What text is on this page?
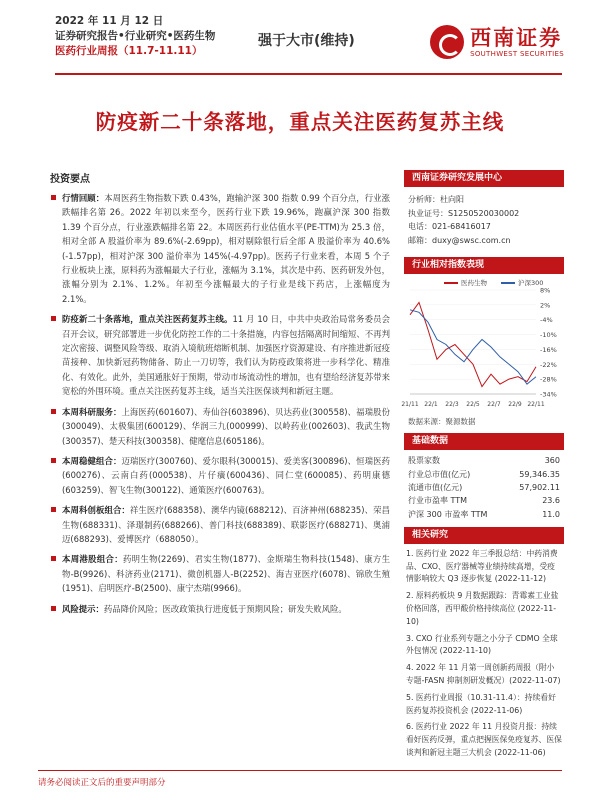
2022 年 11 月 12 日
证券研究报告•行业研究•医药生物
医药行业周报（11.7-11.11）
强于大市(维持)	西南证券
SOUTHWEST SECURITIES
防疫新二十条落地，重点关注医药复苏主线
投资要点
行情回顾：本周医药生物指数下跌 0.43%，跑输沪深 300 指数 0.99 个百分点，行业涨跌幅排名第 26。2022 年初以来至今，医药行业下跌 19.96%，跑赢沪深 300 指数 1.39 个百分点，行业涨跌幅排名第 22。本周医药行业估值水平(PE-TTM)为 25.3 倍，相对全部 A 股溢价率为 89.6%(-2.69pp)，相对剔除银行后全部 A 股溢价率为 40.6%(-1.57pp)，相对沪深 300 溢价率为 145%(-4.97pp)。医药子行业来看，本周 5 个子行业板块上涨，原料药为涨幅最大子行业，涨幅为 3.1%，其次是中药、医药研发外包，涨幅分别为 2.1%、1.2%。年初至今涨幅最大的子行业是线下药店，上涨幅度为 2.1%。
防疫新二十条落地，重点关注医药复苏主线。11 月 10 日，中共中央政治局常务委员会召开会议，研究部署进一步优化防控工作的二十条措施，内容包括隔离时间缩短、不再判定次密接、调整风险等级、取消入境航班熔断机制、加强医疗资源建设、有序推进新冠疫苗接种、加快新冠药物储备、防止一刀切等，我们认为防疫政策将进一步科学化、精准化、有效化。此外，美国通胀好于预期，带动市场流动性的增加，也有望给经济复苏带来宽松的外围环境。重点关注医药复苏主线，适当关注医保谈判和新冠主题。
本周科研服务：上海医药(601607)、寿仙谷(603896)、贝达药业(300558)、福瑞股份(300049)、太极集团(600129)、华润三九(000999)、以岭药业(002603)、我武生物(300357)、楚天科技(300358)、健麾信息(605186)。
本周稳健组合：迈瑞医疗(300760)、爱尔眼科(300015)、爱美客(300896)、恒瑞医药(600276)、云南白药(000538)、片仔癀(600436)、同仁堂(600085)、药明康德(603259)、智飞生物(300122)、通策医疗(600763)。
本周科创板组合：祥生医疗(688358)、澳华内镜(688212)、百济神州(688235)、荣昌生物(688331)、泽璟制药(688266)、普门科技(688389)、联影医疗(688271)、奥浦迈(688293)、爱博医疗（688050）。
本周港股组合：药明生物(2269)、君实生物(1877)、金斯瑞生物科技(1548)、康方生物-B(9926)、科济药业(2171)、微创机器人-B(2252)、海吉亚医疗(6078)、锦欣生殖(1951)、启明医疗-B(2500)、康宁杰瑞(9966)。
风险提示：药品降价风险；医改政策执行进度低于预期风险；研发失败风险。
西南证券研究发展中心
分析师：杜向阳
执业证号：S1250520030002
电话：021-68416017
邮箱：duxy@swsc.com.cn
行业相对指数表现
医药生物	沪深300
8%
2%
-4%
-10%
-16%
-22%
-28%
-34%
21/11 22/1 22/3 22/5 22/7 22/9 22/11
数据来源：聚源数据
基础数据
股票家数	360
行业总市值(亿元)	59,346.35
流通市值(亿元)	57,902.11
行业市盈率 TTM	23.6
沪深 300 市盈率 TTM	11.0
相关研究
1. 医药行业 2022 年三季报总结：中药消费品、CXO、医疗器械等业绩持续高增，受疫情影响较大 Q3 逐步恢复 (2022-11-12)
2. 原料药板块 9 月数据跟踪：青霉素工业盐价格回落，西甲酸价格持续高位 (2022-11-10)
3. CXO 行业系列专题之小分子 CDMO 全球外包情况 (2022-11-10)
4. 2022 年 11 月第一周创新药周报（附小专题-FASN 抑制剂研发概况）(2022-11-07)
5. 医药行业周报（10.31-11.4）：持续看好医药复苏投资机会 (2022-11-06)
6. 医药行业 2022 年 11 月投资月报：持续看好医药反弹，重点把握医保免疫复苏、医保谈判和新冠主题三大机会 (2022-11-06)
请务必阅读正文后的重要声明部分
